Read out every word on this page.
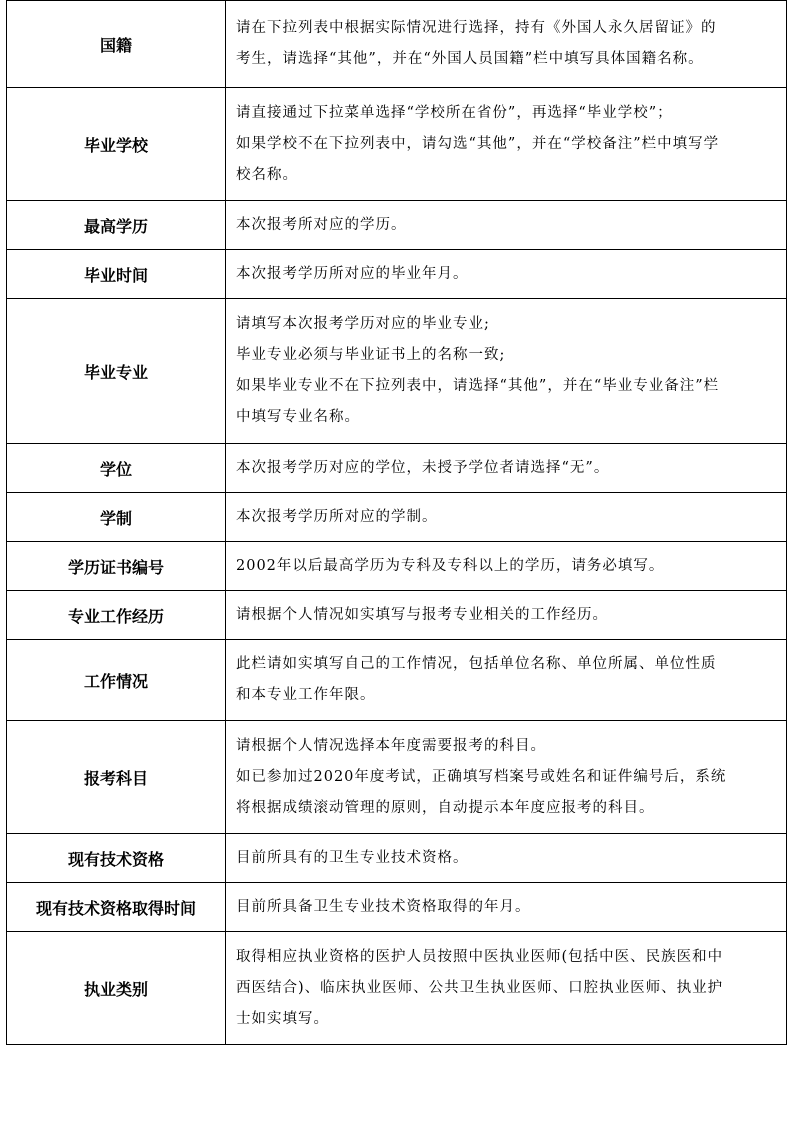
国籍	请在下拉列表中根据实际情况进行选择，持有《外国人永久居留证》的
考生，请选择“其他”，并在“外国人员国籍”栏中填写具体国籍名称。

毕业学校	请直接通过下拉菜单选择“学校所在省份”，再选择“毕业学校”；
如果学校不在下拉列表中，请勾选“其他”，并在“学校备注”栏中填写学
校名称。

最高学历	本次报考所对应的学历。

毕业时间	本次报考学历所对应的毕业年月。

毕业专业	请填写本次报考学历对应的毕业专业;
毕业专业必须与毕业证书上的名称一致;
如果毕业专业不在下拉列表中，请选择“其他”，并在“毕业专业备注”栏
中填写专业名称。

学位	本次报考学历对应的学位，未授予学位者请选择“无”。

学制	本次报考学历所对应的学制。

学历证书编号	2002年以后最高学历为专科及专科以上的学历，请务必填写。

专业工作经历	请根据个人情况如实填写与报考专业相关的工作经历。

工作情况	此栏请如实填写自己的工作情况，包括单位名称、单位所属、单位性质
和本专业工作年限。

报考科目	请根据个人情况选择本年度需要报考的科目。
如已参加过2020年度考试，正确填写档案号或姓名和证件编号后，系统
将根据成绩滚动管理的原则，自动提示本年度应报考的科目。

现有技术资格	目前所具有的卫生专业技术资格。

现有技术资格取得时间	目前所具备卫生专业技术资格取得的年月。

执业类别	取得相应执业资格的医护人员按照中医执业医师(包括中医、民族医和中
西医结合)、临床执业医师、公共卫生执业医师、口腔执业医师、执业护
士如实填写。
